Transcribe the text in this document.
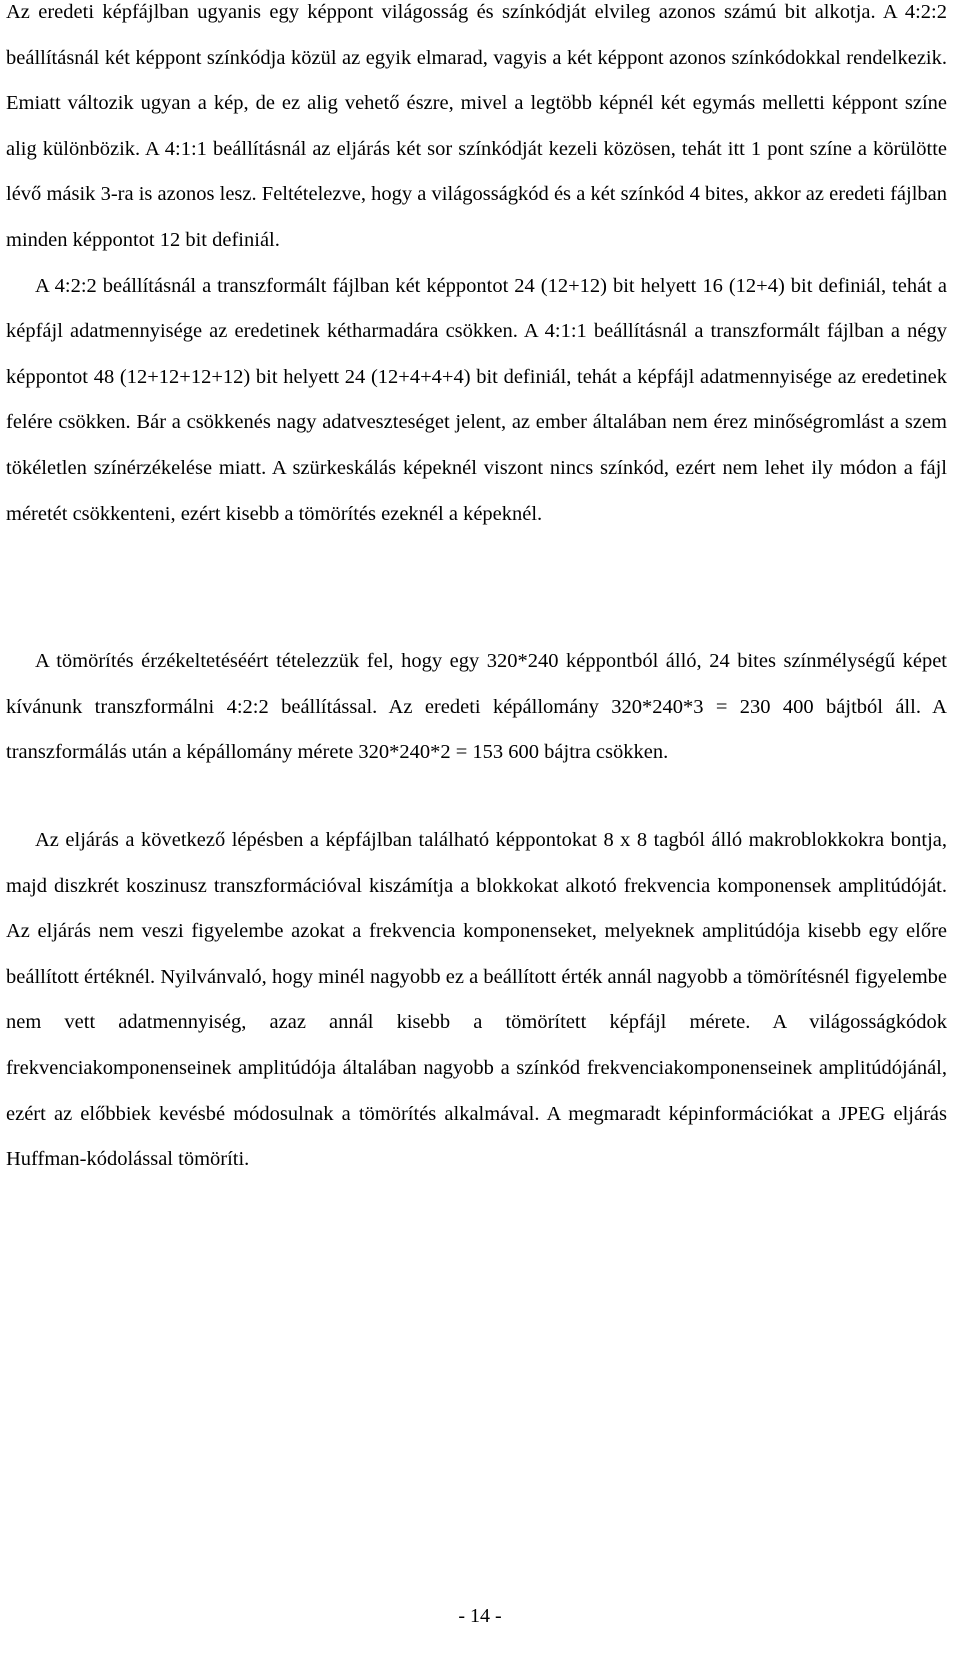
Az eredeti képfájlban ugyanis egy képpont világosság és színkódját elvileg azonos számú bit alkotja. A 4:2:2 beállításnál két képpont színkódja közül az egyik elmarad, vagyis a két képpont azonos színkódokkal rendelkezik. Emiatt változik ugyan a kép, de ez alig vehető észre, mivel a legtöbb képnél két egymás melletti képpont színe alig különbözik. A 4:1:1 beállításnál az eljárás két sor színkódját kezeli közösen, tehát itt 1 pont színe a körülötte lévő másik 3-ra is azonos lesz. Feltételezve, hogy a világosságkód és a két színkód 4 bites, akkor az eredeti fájlban minden képpontot 12 bit definiál.

A 4:2:2 beállításnál a transzformált fájlban két képpontot 24 (12+12) bit helyett 16 (12+4) bit definiál, tehát a képfájl adatmennyisége az eredetinek kétharmadára csökken. A 4:1:1 beállításnál a transzformált fájlban a négy képpontot 48 (12+12+12+12) bit helyett 24 (12+4+4+4) bit definiál, tehát a képfájl adatmennyisége az eredetinek felére csökken. Bár a csökkenés nagy adatveszteséget jelent, az ember általában nem érez minőségromlást a szem tökéletlen színérzékelése miatt. A szürkeskálás képeknél viszont nincs színkód, ezért nem lehet ily módon a fájl méretét csökkenteni, ezért kisebb a tömörítés ezeknél a képeknél.

A tömörítés érzékeltetéséért tételezzük fel, hogy egy 320*240 képpontból álló, 24 bites színmélységű képet kívánunk transzformálni 4:2:2 beállítással. Az eredeti képállomány 320*240*3 = 230 400 bájtból áll. A transzformálás után a képállomány mérete 320*240*2 = 153 600 bájtra csökken.

Az eljárás a következő lépésben a képfájlban található képpontokat 8 x 8 tagból álló makroblokkokra bontja, majd diszkrét koszinusz transzformációval kiszámítja a blokkokat alkotó frekvencia komponensek amplitúdóját. Az eljárás nem veszi figyelembe azokat a frekvencia komponenseket, melyeknek amplitúdója kisebb egy előre beállított értéknél. Nyilvánvaló, hogy minél nagyobb ez a beállított érték annál nagyobb a tömörítésnél figyelembe nem vett adatmennyiség, azaz annál kisebb a tömörített képfájl mérete. A világosságkódok frekvenciakomponenseinek amplitúdója általában nagyobb a színkód frekvenciakomponenseinek amplitúdójánál, ezért az előbbiek kevésbé módosulnak a tömörítés alkalmával. A megmaradt képinformációkat a JPEG eljárás Huffman-kódolással tömöríti.

- 14 -
